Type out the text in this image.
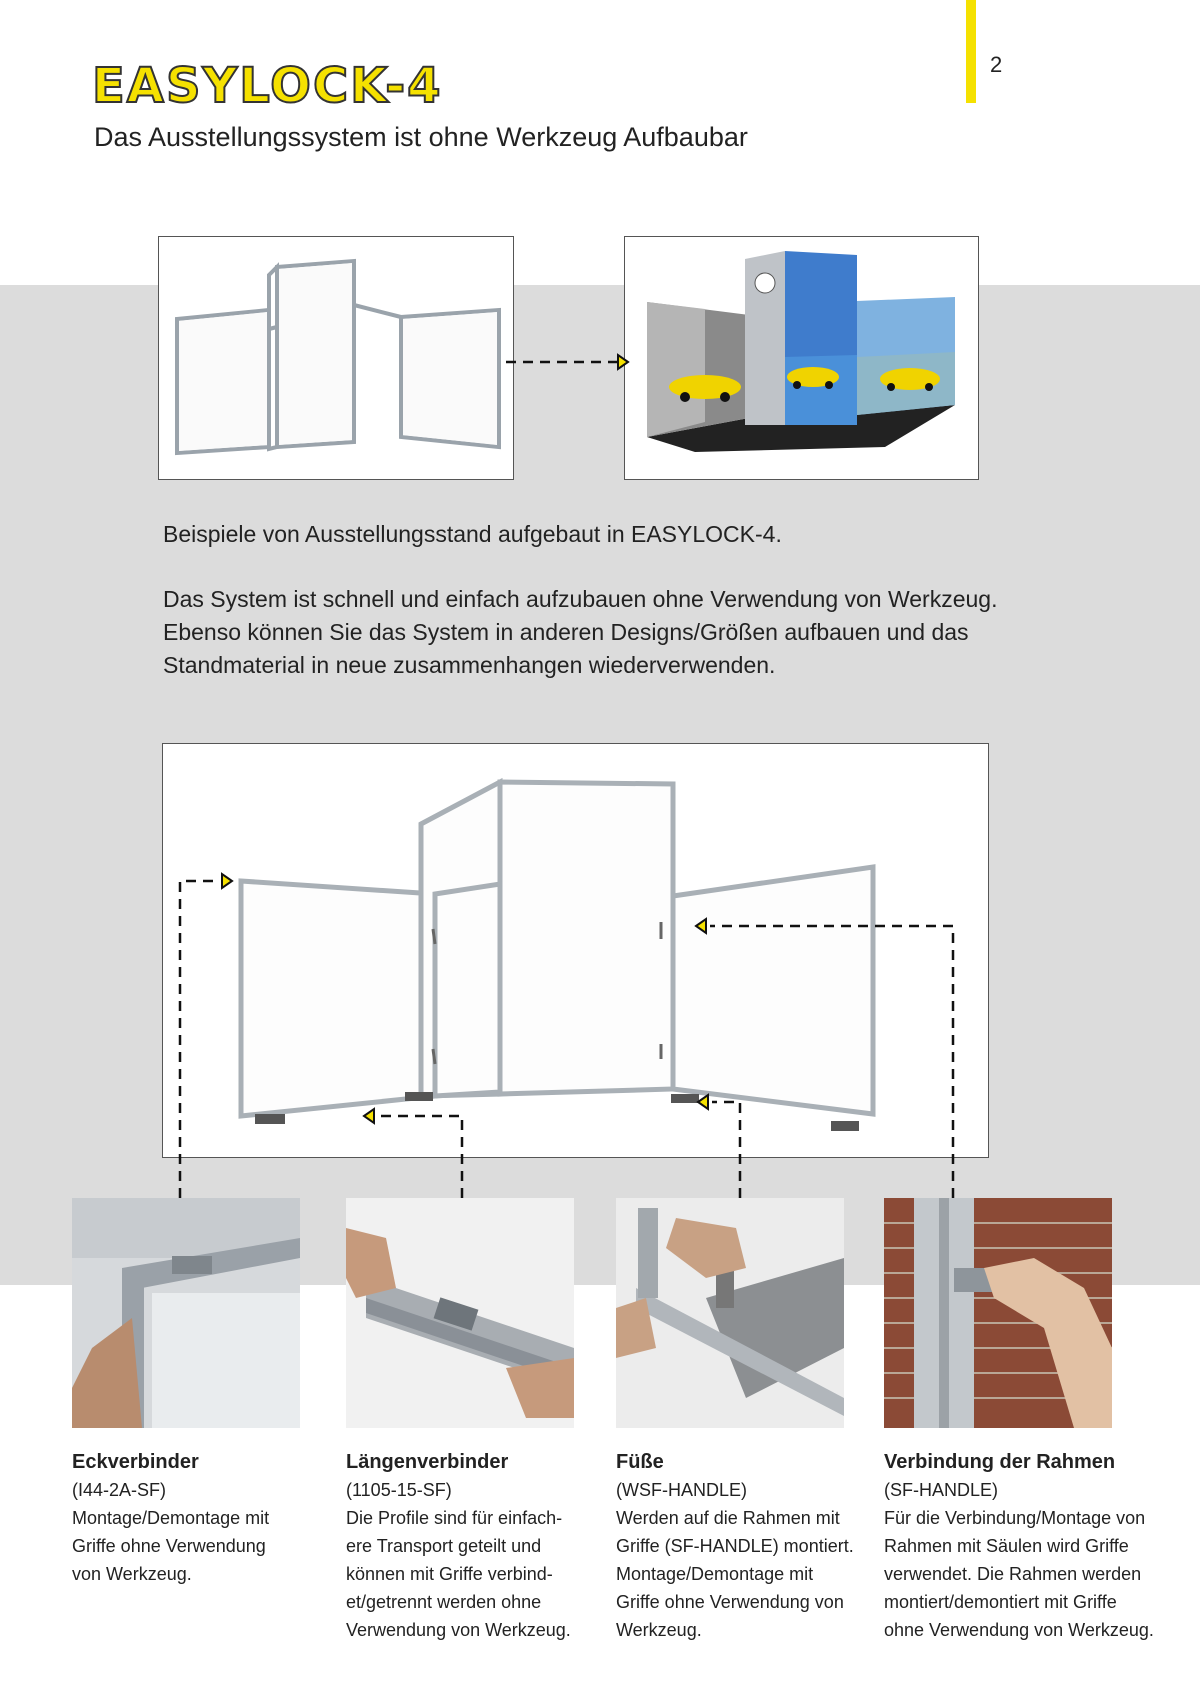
2
EASYLOCK-4
Das Ausstellungssystem ist ohne Werkzeug Aufbaubar

Beispiele von Ausstellungsstand aufgebaut in EASYLOCK-4.

Das System ist schnell und einfach aufzubauen ohne Verwendung von Werkzeug. Ebenso können Sie das System in anderen Designs/Größen aufbauen und das Standmaterial in neue zusammenhangen wiederverwenden.

Eckverbinder
(I44-2A-SF)
Montage/Demontage mit
Griffe ohne Verwendung
von Werkzeug.
Längenverbinder
(1105-15-SF)
Die Profile sind für einfach-
ere Transport geteilt und
können mit Griffe verbind-
et/getrennt werden ohne
Verwendung von Werkzeug.
Füße
(WSF-HANDLE)
Werden auf die Rahmen mit
Griffe (SF-HANDLE) montiert.
Montage/Demontage mit
Griffe ohne Verwendung von
Werkzeug.
Verbindung der Rahmen
(SF-HANDLE)
Für die Verbindung/Montage von
Rahmen mit Säulen wird Griffe
verwendet. Die Rahmen werden
montiert/demontiert mit Griffe
ohne Verwendung von Werkzeug.
